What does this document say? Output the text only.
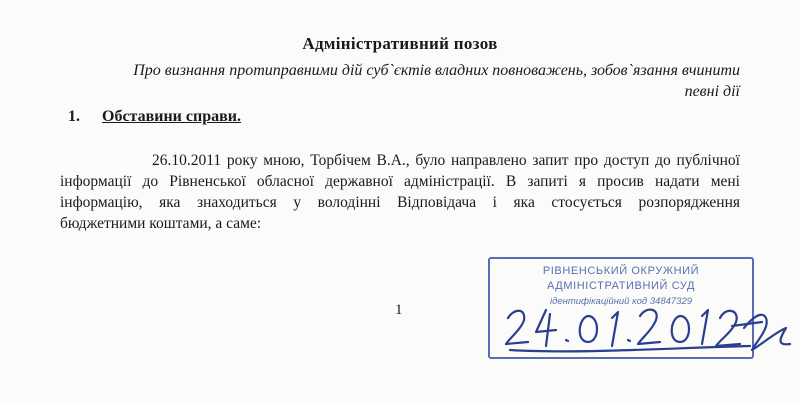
Адміністративний позов
Про визнання протиправними дій суб`єктів владних повноважень, зобов`язання вчинити
певні дії
1. Обставини справи.
26.10.2011 року мною, Торбічем В.А., було направлено запит про доступ до публічної
інформації до Рівненської обласної державної адміністрації. В запиті я просив надати мені
інформацію, яка знаходиться у володінні Відповідача і яка стосується розпорядження
бюджетними коштами, а саме:
1
РІВНЕНСЬКИЙ ОКРУЖНИЙ
АДМІНІСТРАТИВНИЙ СУД
ідентифікаційний код 34847329
